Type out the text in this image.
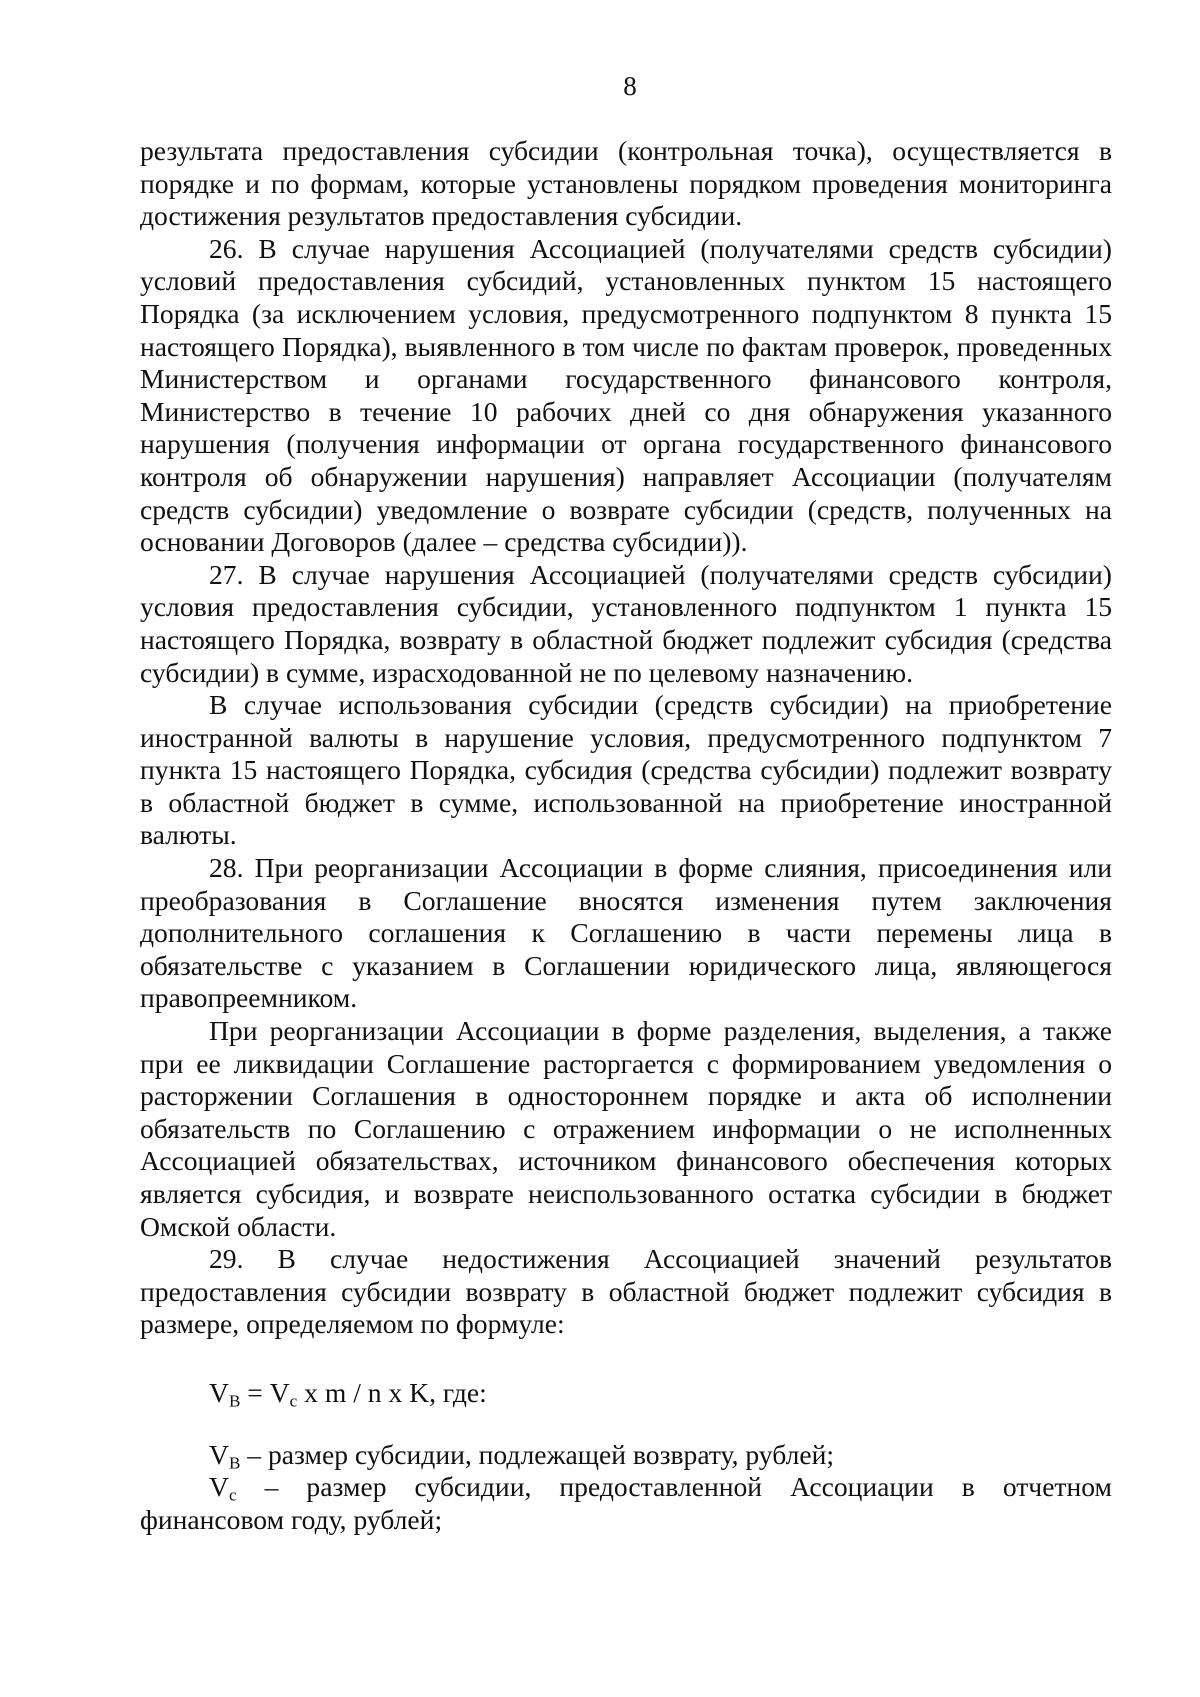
8

результата предоставления субсидии (контрольная точка), осуществляется в порядке и по формам, которые установлены порядком проведения мониторинга достижения результатов предоставления субсидии.

26. В случае нарушения Ассоциацией (получателями средств субсидии) условий предоставления субсидий, установленных пунктом 15 настоящего Порядка (за исключением условия, предусмотренного подпунктом 8 пункта 15 настоящего Порядка), выявленного в том числе по фактам проверок, проведенных Министерством и органами государственного финансового контроля, Министерство в течение 10 рабочих дней со дня обнаружения указанного нарушения (получения информации от органа государственного финансового контроля об обнаружении нарушения) направляет Ассоциации (получателям средств субсидии) уведомление о возврате субсидии (средств, полученных на основании Договоров (далее – средства субсидии)).

27. В случае нарушения Ассоциацией (получателями средств субсидии) условия предоставления субсидии, установленного подпунктом 1 пункта 15 настоящего Порядка, возврату в областной бюджет подлежит субсидия (средства субсидии) в сумме, израсходованной не по целевому назначению.

В случае использования субсидии (средств субсидии) на приобретение иностранной валюты в нарушение условия, предусмотренного подпунктом 7 пункта 15 настоящего Порядка, субсидия (средства субсидии) подлежит возврату в областной бюджет в сумме, использованной на приобретение иностранной валюты.

28. При реорганизации Ассоциации в форме слияния, присоединения или преобразования в Соглашение вносятся изменения путем заключения дополнительного соглашения к Соглашению в части перемены лица в обязательстве с указанием в Соглашении юридического лица, являющегося правопреемником.

При реорганизации Ассоциации в форме разделения, выделения, а также при ее ликвидации Соглашение расторгается с формированием уведомления о расторжении Соглашения в одностороннем порядке и акта об исполнении обязательств по Соглашению с отражением информации о не исполненных Ассоциацией обязательствах, источником финансового обеспечения которых является субсидия, и возврате неиспользованного остатка субсидии в бюджет Омской области.

29. В случае недостижения Ассоциацией значений результатов предоставления субсидии возврату в областной бюджет подлежит субсидия в размере, определяемом по формуле:

$V_В = V_c$ x m / n x K, где:

$V_В$ – размер субсидии, подлежащей возврату, рублей;

$V_c$ – размер субсидии, предоставленной Ассоциации в отчетном финансовом году, рублей;
